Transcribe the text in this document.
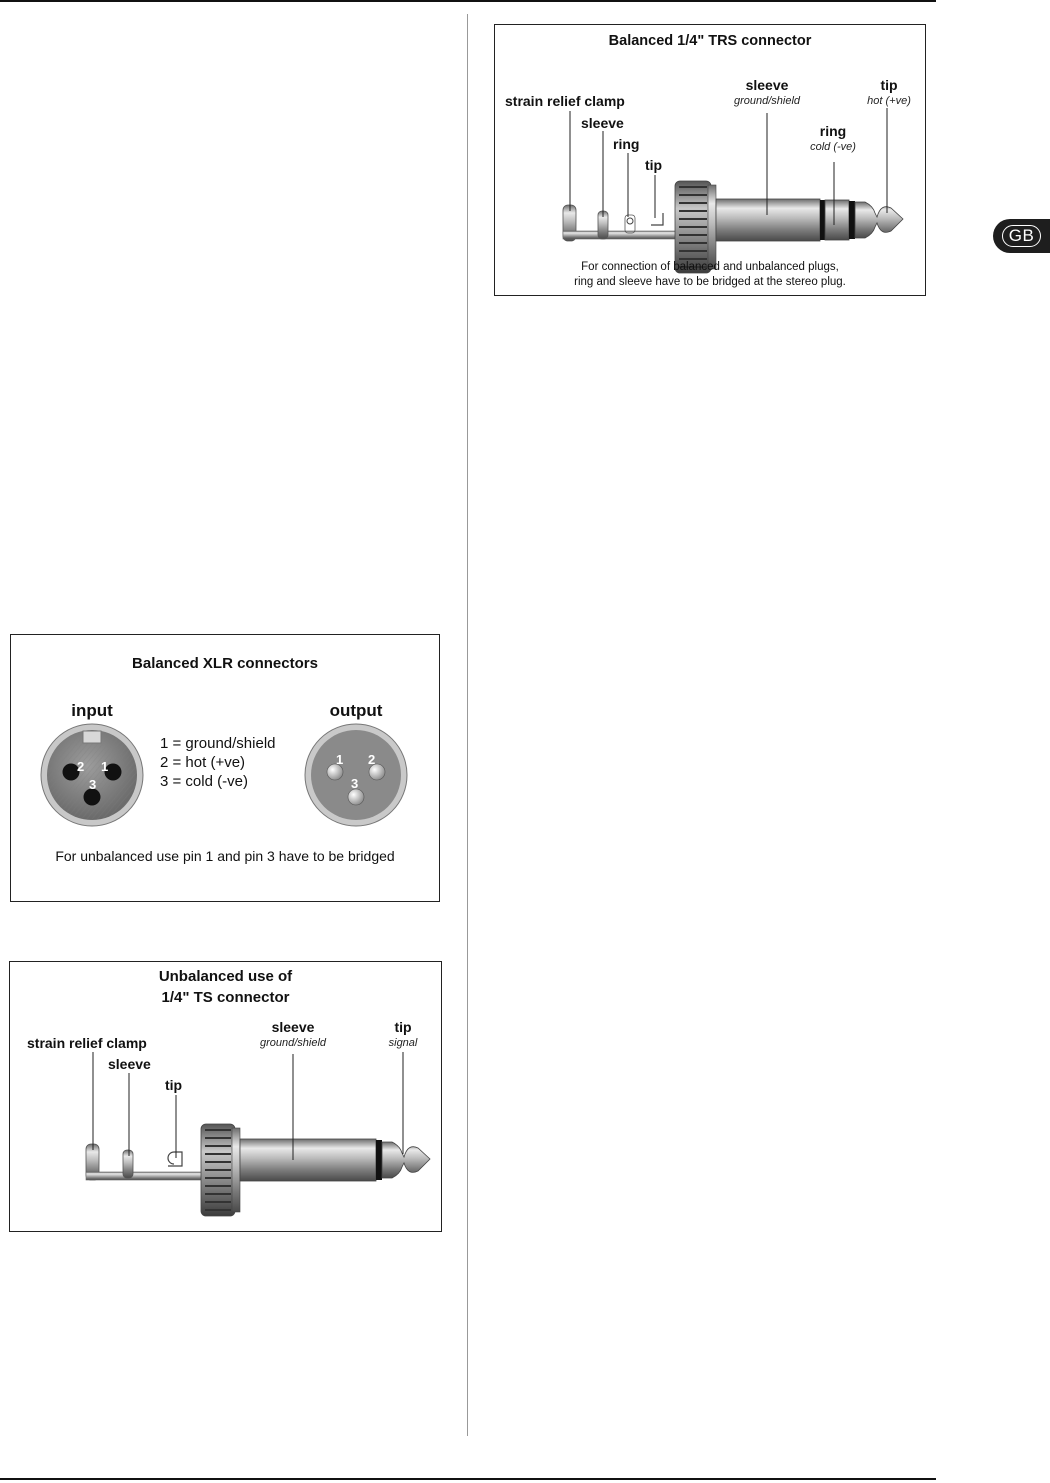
GB
Balanced 1/4" TRS connector
strain relief clamp
sleeve
ring
tip
sleeve
ground/shield
ring
cold (-ve)
tip
hot (+ve)
For connection of balanced and unbalanced plugs,
ring and sleeve have to be bridged at the stereo plug.
Balanced XLR connectors
input	output
2 1
3
1 2
3
1 = ground/shield
2 = hot (+ve)
3 = cold (-ve)
For unbalanced use pin 1 and pin 3 have to be bridged
Unbalanced use of
1/4" TS connector
strain relief clamp
sleeve
tip
sleeve
ground/shield
tip
signal
